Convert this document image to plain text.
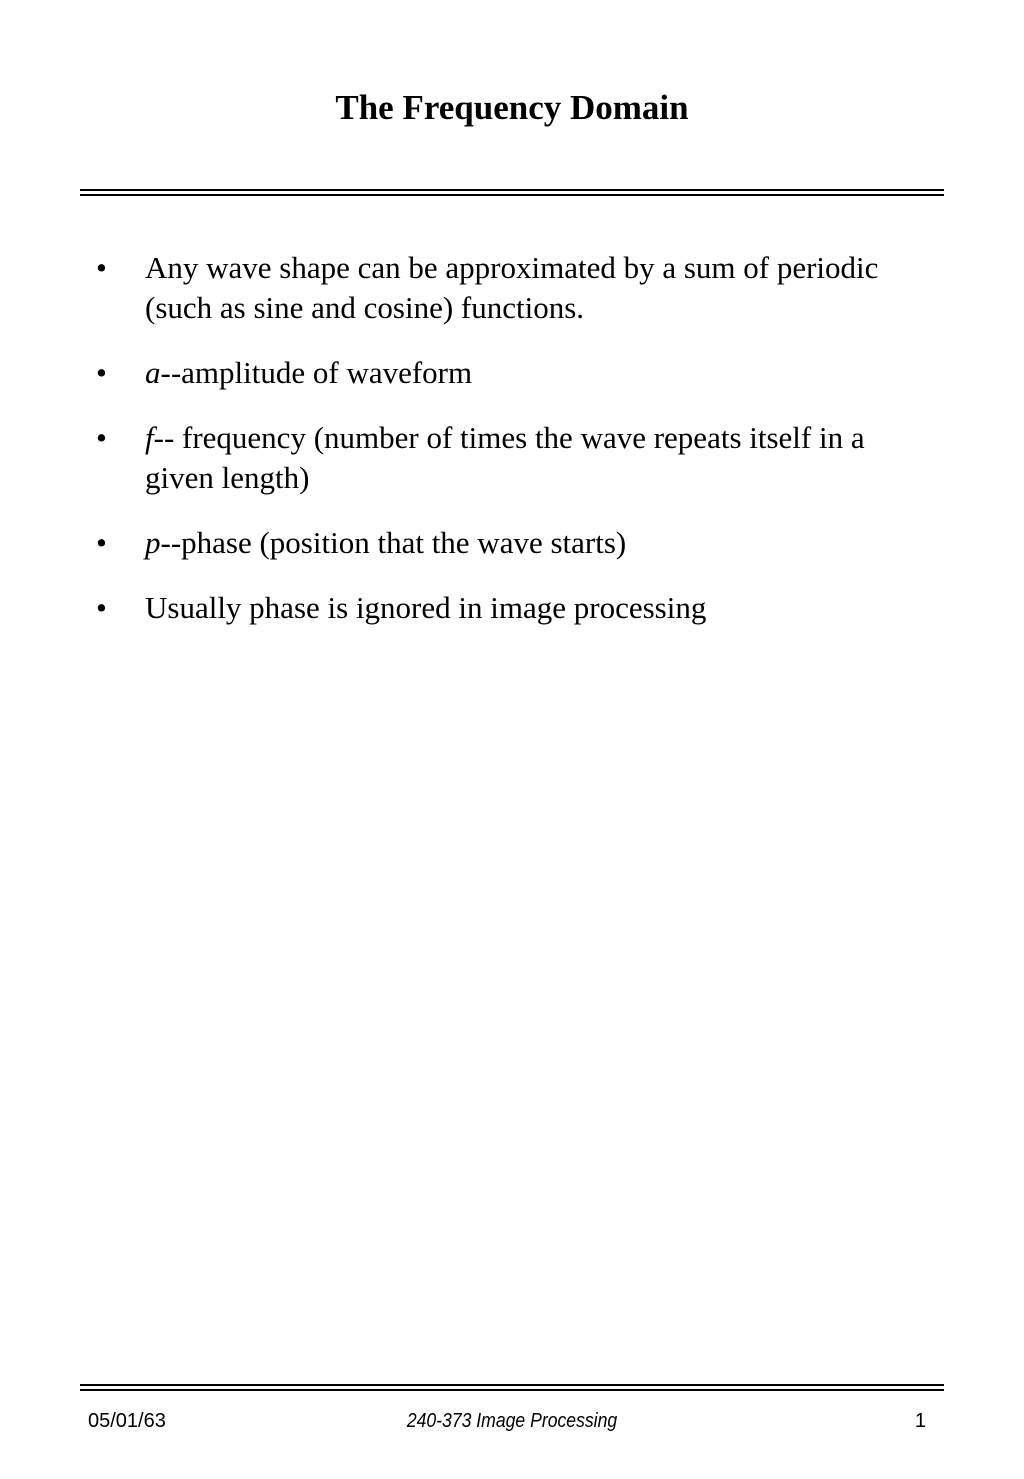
The Frequency Domain
• Any wave shape can be approximated by a sum of periodic (such as sine and cosine) functions.
• a--amplitude of waveform
• f-- frequency (number of times the wave repeats itself in a given length)
• p--phase (position that the wave starts)
• Usually phase is ignored in image processing
05/01/63	240-373 Image Processing	1
